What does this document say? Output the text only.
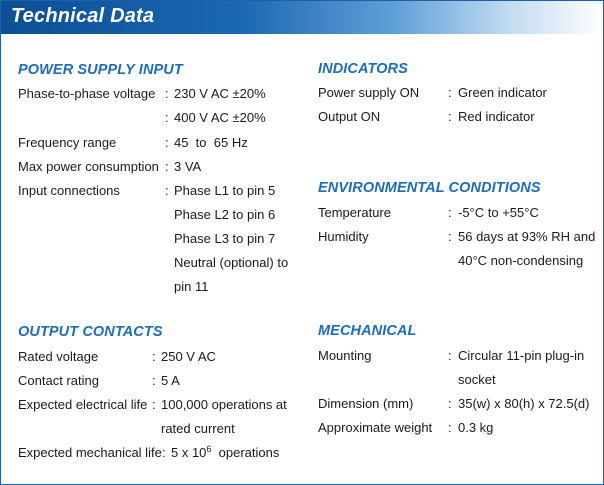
Technical Data
POWER SUPPLY INPUT
Phase-to-phase voltage : 230 V AC ±20%
: 400 V AC ±20%
Frequency range	: 45  to  65 Hz
Max power consumption : 3 VA
Input connections	: Phase L1 to pin 5
Phase L2 to pin 6
Phase L3 to pin 7
Neutral (optional) to
pin 11
OUTPUT CONTACTS
Rated voltage	: 250 V AC
Contact rating	: 5 A
Expected electrical life : 100,000 operations at
rated current
Expected mechanical life : 5 x $10^6$  operations
INDICATORS
Power supply ON : Green indicator
Output ON	: Red indicator
ENVIRONMENTAL CONDITIONS
Temperature	: -5°C to +55°C
Humidity	: 56 days at 93% RH and
40°C non-condensing
MECHANICAL
Mounting	: Circular 11-pin plug-in
socket
Dimension (mm)	: 35(w) x 80(h) x 72.5(d)
Approximate weight : 0.3 kg
